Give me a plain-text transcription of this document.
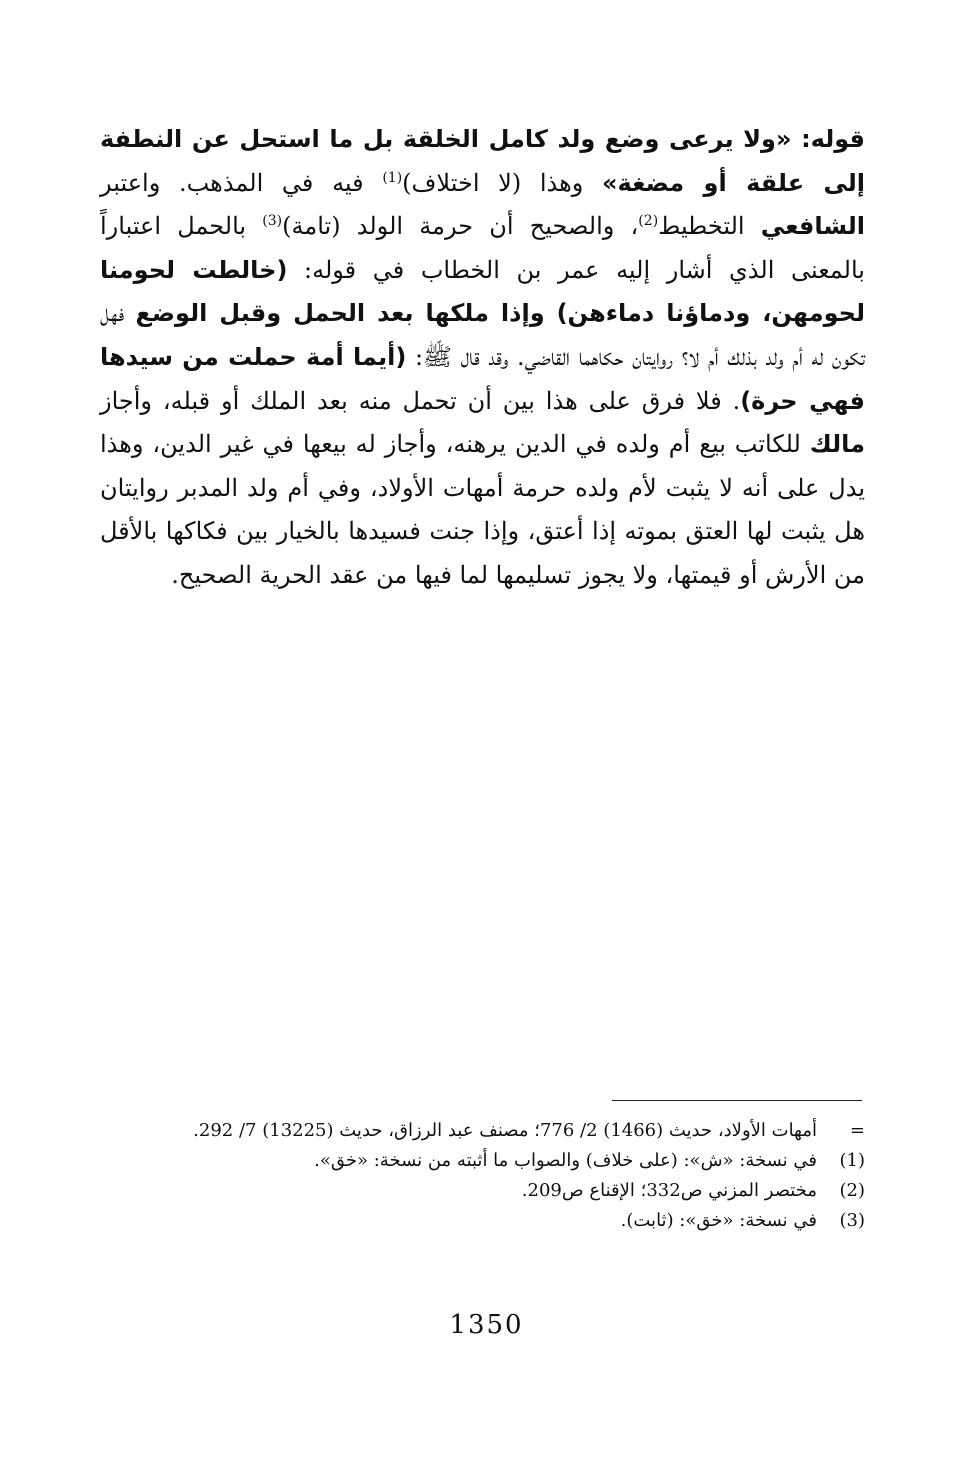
قوله: «ولا يرعى وضع ولد كامل الخلقة بل ما استحل عن النطفة إلى علقة أو مضغة» وهذا (لا اختلاف)$^{(1)}$ فيه في المذهب. واعتبر الشافعي التخطيط$^{(2)}$، والصحيح أن حرمة الولد (تامة)$^{(3)}$ بالحمل اعتباراً بالمعنى الذي أشار إليه عمر بن الخطاب في قوله: (خالطت لحومنا لحومهن، ودماؤنا دماءهن) وإذا ملكها بعد الحمل وقبل الوضع فهل تكون له أم ولد بذلك أم لا؟ روايتان حكاهما القاضي. وقد قال ﷺ: (أيما أمة حملت من سيدها فهي حرة). فلا فرق على هذا بين أن تحمل منه بعد الملك أو قبله، وأجاز مالك للكاتب بيع أم ولده في الدين يرهنه، وأجاز له بيعها في غير الدين، وهذا يدل على أنه لا يثبت لأم ولده حرمة أمهات الأولاد، وفي أم ولد المدبر روايتان هل يثبت لها العتق بموته إذا أعتق، وإذا جنت فسيدها بالخيار بين فكاكها بالأقل من الأرش أو قيمتها، ولا يجوز تسليمها لما فيها من عقد الحرية الصحيح.

=
أمهات الأولاد، حديث (1466) 2/ 776؛ مصنف عبد الرزاق، حديث (13225) 7/ 292.
(1)
في نسخة: «ش»: (على خلاف) والصواب ما أثبته من نسخة: «خق».
(2)
مختصر المزني ص332؛ الإقناع ص209.
(3)
في نسخة: «خق»: (ثابت).
1350
